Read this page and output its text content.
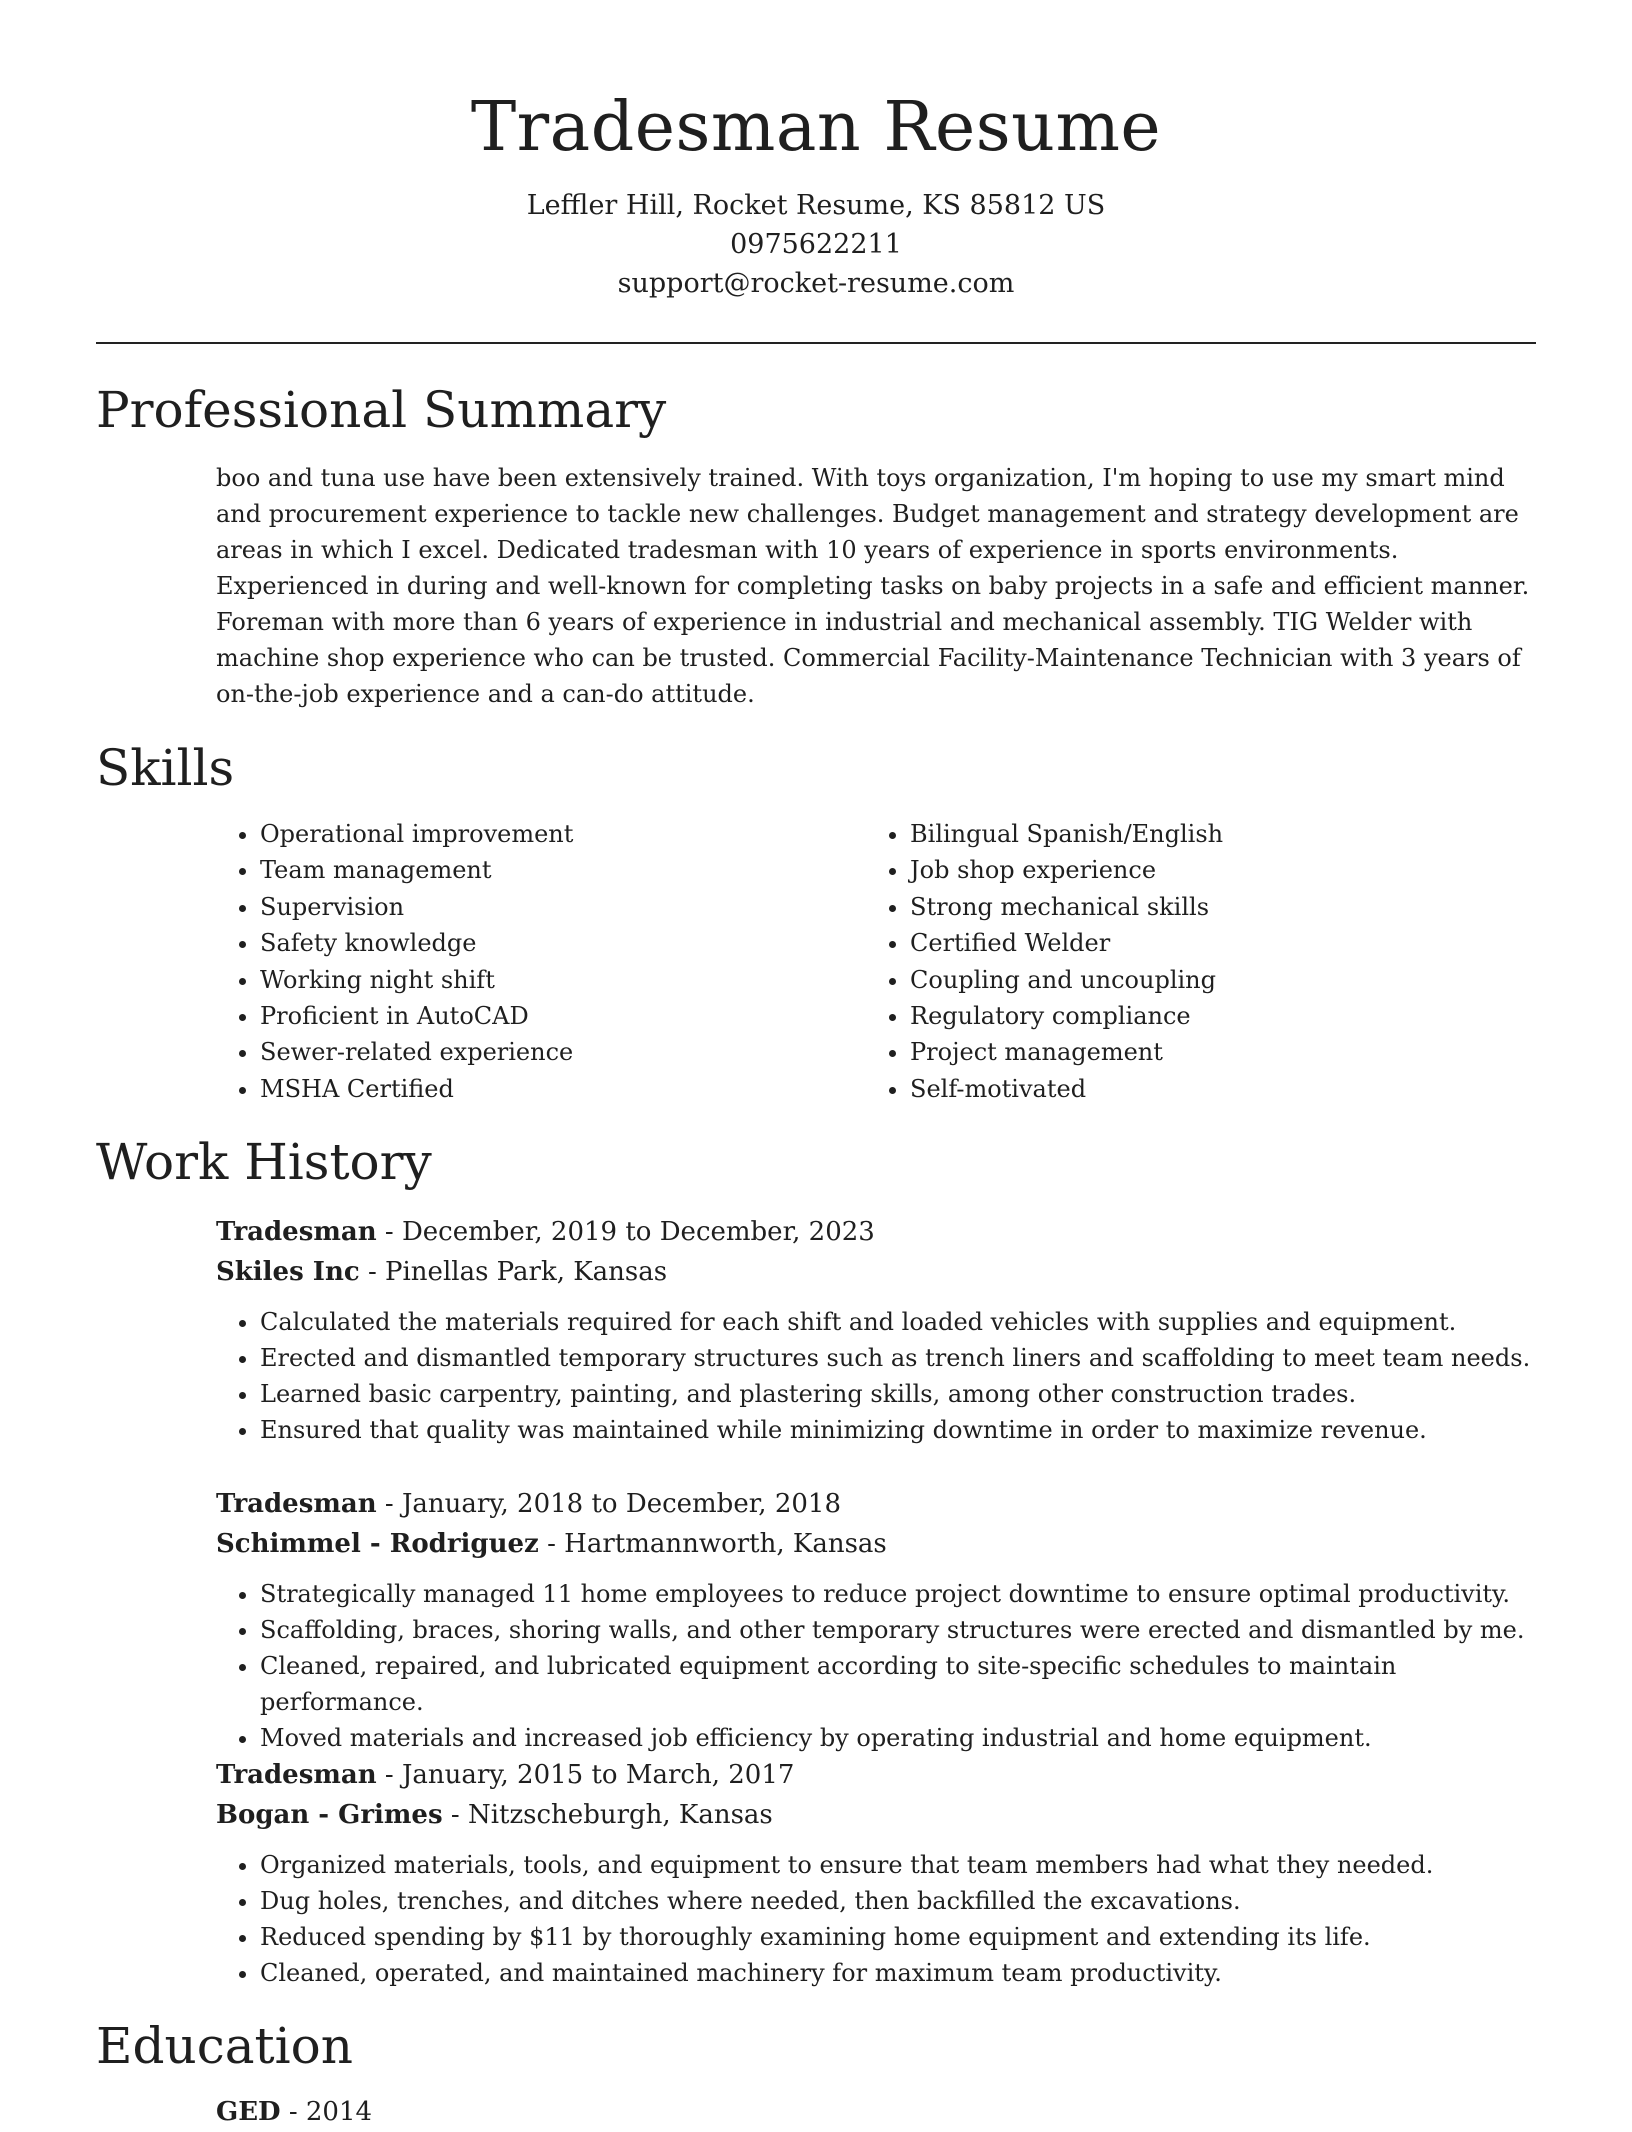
Tradesman Resume

Leffler Hill, Rocket Resume, KS 85812 US

0975622211

support@rocket-resume.com

Professional Summary

boo and tuna use have been extensively trained. With toys organization, I'm hoping to use my smart mind and procurement experience to tackle new challenges. Budget management and strategy development are areas in which I excel. Dedicated tradesman with 10 years of experience in sports environments. Experienced in during and well-known for completing tasks on baby projects in a safe and efficient manner. Foreman with more than 6 years of experience in industrial and mechanical assembly. TIG Welder with machine shop experience who can be trusted. Commercial Facility-Maintenance Technician with 3 years of on-the-job experience and a can-do attitude.

Skills
• Operational improvement
• Team management
• Supervision
• Safety knowledge
• Working night shift
• Proficient in AutoCAD
• Sewer-related experience
• MSHA Certified
• Bilingual Spanish/English
• Job shop experience
• Strong mechanical skills
• Certified Welder
• Coupling and uncoupling
• Regulatory compliance
• Project management
• Self-motivated
Work History

Tradesman - December, 2019 to December, 2023

Skiles Inc - Pinellas Park, Kansas

• Calculated the materials required for each shift and loaded vehicles with supplies and equipment.
• Erected and dismantled temporary structures such as trench liners and scaffolding to meet team needs.
• Learned basic carpentry, painting, and plastering skills, among other construction trades.
• Ensured that quality was maintained while minimizing downtime in order to maximize revenue.

Tradesman - January, 2018 to December, 2018

Schimmel - Rodriguez - Hartmannworth, Kansas

• Strategically managed 11 home employees to reduce project downtime to ensure optimal productivity.
• Scaffolding, braces, shoring walls, and other temporary structures were erected and dismantled by me.
• Cleaned, repaired, and lubricated equipment according to site-specific schedules to maintain performance.
• Moved materials and increased job efficiency by operating industrial and home equipment.

Tradesman - January, 2015 to March, 2017

Bogan - Grimes - Nitzscheburgh, Kansas

• Organized materials, tools, and equipment to ensure that team members had what they needed.
• Dug holes, trenches, and ditches where needed, then backfilled the excavations.
• Reduced spending by $11 by thoroughly examining home equipment and extending its life.
• Cleaned, operated, and maintained machinery for maximum team productivity.
Education

GED - 2014
